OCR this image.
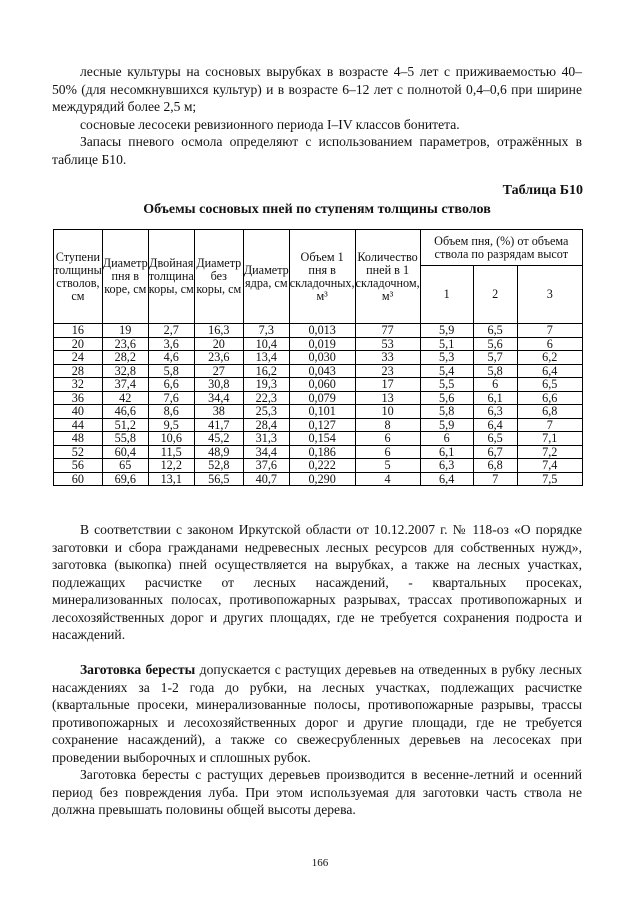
лесные культуры на сосновых вырубках в возрасте 4–5 лет с приживаемостью 40–50% (для несомкнувшихся культур) и в возрасте 6–12 лет с полнотой 0,4–0,6 при ширине междурядий более 2,5 м;

сосновые лесосеки ревизионного периода I–IV классов бонитета.

Запасы пневого осмола определяют с использованием параметров, отражённых в таблице Б10.

Таблица Б10
Объемы сосновых пней по ступеням толщины стволов
Ступени толщины стволов, см	Диаметр пня в коре, см	Двойная толщина коры, см	Диаметр без коры, см	Диаметр ядра, см	Объем 1 пня в складочных, м³	Количество пней в 1 складочном, м³	Объем пня, (%) от объема ствола по разрядам высот		
							1	2	3
16	19	2,7	16,3	7,3	0,013	77	5,9	6,5	7
20	23,6	3,6	20	10,4	0,019	53	5,1	5,6	6
24	28,2	4,6	23,6	13,4	0,030	33	5,3	5,7	6,2
28	32,8	5,8	27	16,2	0,043	23	5,4	5,8	6,4
32	37,4	6,6	30,8	19,3	0,060	17	5,5	6	6,5
36	42	7,6	34,4	22,3	0,079	13	5,6	6,1	6,6
40	46,6	8,6	38	25,3	0,101	10	5,8	6,3	6,8
44	51,2	9,5	41,7	28,4	0,127	8	5,9	6,4	7
48	55,8	10,6	45,2	31,3	0,154	6	6	6,5	7,1
52	60,4	11,5	48,9	34,4	0,186	6	6,1	6,7	7,2
56	65	12,2	52,8	37,6	0,222	5	6,3	6,8	7,4
60	69,6	13,1	56,5	40,7	0,290	4	6,4	7	7,5

В соответствии с законом Иркутской области от 10.12.2007 г. № 118-оз «О порядке заготовки и сбора гражданами недревесных лесных ресурсов для собственных нужд», заготовка (выкопка) пней осуществляется на вырубках, а также на лесных участках, подлежащих расчистке от лесных насаждений, - квартальных просеках, минерализованных полосах, противопожарных разрывах, трассах противопожарных и лесохозяйственных дорог и других площадях, где не требуется сохранения подроста и насаждений.

Заготовка бересты допускается с растущих деревьев на отведенных в рубку лесных насаждениях за 1-2 года до рубки, на лесных участках, подлежащих расчистке (квартальные просеки, минерализованные полосы, противопожарные разрывы, трассы противопожарных и лесохозяйственных дорог и другие площади, где не требуется сохранение насаждений), а также со свежесрубленных деревьев на лесосеках при проведении выборочных и сплошных рубок.

Заготовка бересты с растущих деревьев производится в весенне-летний и осенний период без повреждения луба. При этом используемая для заготовки часть ствола не должна превышать половины общей высоты дерева.

166
